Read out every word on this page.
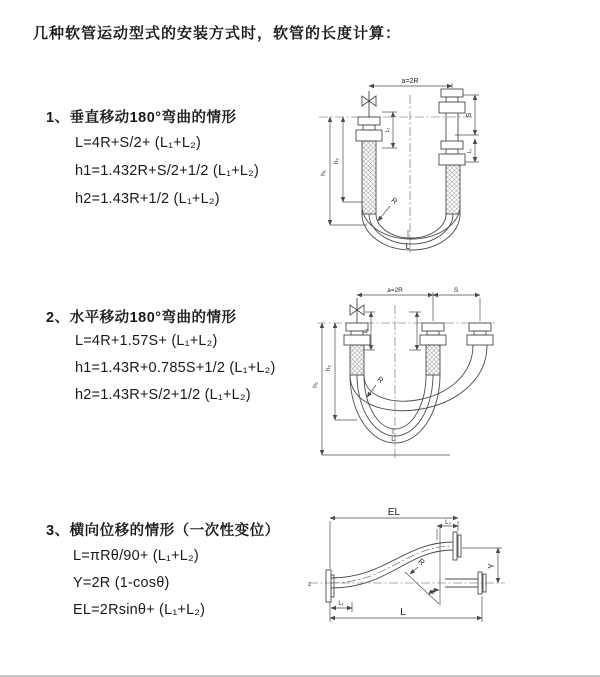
几种软管运动型式的安装方式时，软管的长度计算：
1、垂直移动180°弯曲的情形
L=4R+S/2+ (L₁+L₂)
h1=1.432R+S/2+1/2 (L₁+L₂)
h2=1.43R+1/2 (L₁+L₂)
2、水平移动180°弯曲的情形
L=4R+1.57S+ (L₁+L₂)
h1=1.43R+0.785S+1/2 (L₁+L₂)
h2=1.43R+S/2+1/2 (L₁+L₂)
3、横向位移的情形（一次性变位）
L=πRθ/90+ (L₁+L₂)
Y=2R (1-cosθ)
EL=2Rsinθ+ (L₁+L₂)
a=2R
h₁
h₂
L₁
S
L₁
R
L
a=2R	S
L₁
h₁
h₂
R
L
z
EL
L₂
Y
θ
R
L₁
L
